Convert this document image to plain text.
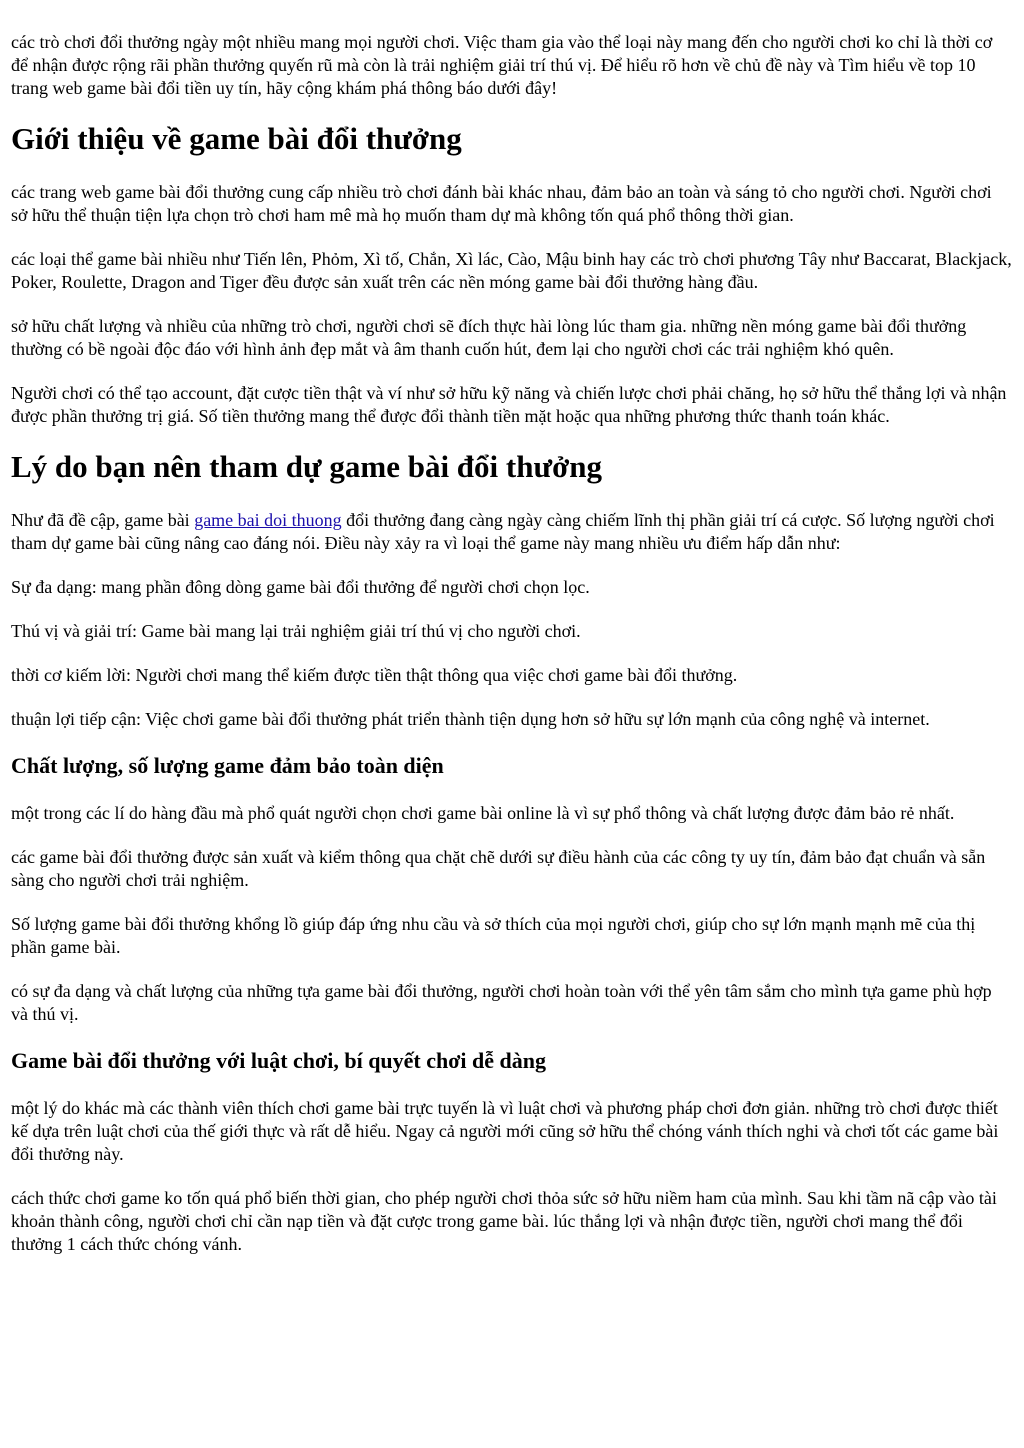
các trò chơi đổi thưởng ngày một nhiều mang mọi người chơi. Việc tham gia vào thể loại này mang đến cho người chơi ko chỉ là thời cơ để nhận được rộng rãi phần thưởng quyến rũ mà còn là trải nghiệm giải trí thú vị. Để hiểu rõ hơn về chủ đề này và Tìm hiểu về top 10 trang web game bài đổi tiền uy tín, hãy cộng khám phá thông báo dưới đây!

Giới thiệu về game bài đổi thưởng

các trang web game bài đổi thưởng cung cấp nhiều trò chơi đánh bài khác nhau, đảm bảo an toàn và sáng tỏ cho người chơi. Người chơi sở hữu thể thuận tiện lựa chọn trò chơi ham mê mà họ muốn tham dự mà không tốn quá phổ thông thời gian.

các loại thể game bài nhiều như Tiến lên, Phỏm, Xì tố, Chắn, Xì lác, Cào, Mậu binh hay các trò chơi phương Tây như Baccarat, Blackjack, Poker, Roulette, Dragon and Tiger đều được sản xuất trên các nền móng game bài đổi thưởng hàng đầu.

sở hữu chất lượng và nhiều của những trò chơi, người chơi sẽ đích thực hài lòng lúc tham gia. những nền móng game bài đổi thưởng thường có bề ngoài độc đáo với hình ảnh đẹp mắt và âm thanh cuốn hút, đem lại cho người chơi các trải nghiệm khó quên.

Người chơi có thể tạo account, đặt cược tiền thật và ví như sở hữu kỹ năng và chiến lược chơi phải chăng, họ sở hữu thể thắng lợi và nhận được phần thưởng trị giá. Số tiền thưởng mang thể được đổi thành tiền mặt hoặc qua những phương thức thanh toán khác.

Lý do bạn nên tham dự game bài đổi thưởng

Như đã đề cập, game bài game bai doi thuong đổi thưởng đang càng ngày càng chiếm lĩnh thị phần giải trí cá cược. Số lượng người chơi tham dự game bài cũng nâng cao đáng nói. Điều này xảy ra vì loại thể game này mang nhiều ưu điểm hấp dẫn như:

Sự đa dạng: mang phần đông dòng game bài đổi thưởng để người chơi chọn lọc.

Thú vị và giải trí: Game bài mang lại trải nghiệm giải trí thú vị cho người chơi.

thời cơ kiếm lời: Người chơi mang thể kiếm được tiền thật thông qua việc chơi game bài đổi thưởng.

thuận lợi tiếp cận: Việc chơi game bài đổi thưởng phát triển thành tiện dụng hơn sở hữu sự lớn mạnh của công nghệ và internet.

Chất lượng, số lượng game đảm bảo toàn diện

một trong các lí do hàng đầu mà phổ quát người chọn chơi game bài online là vì sự phổ thông và chất lượng được đảm bảo rẻ nhất.

các game bài đổi thưởng được sản xuất và kiểm thông qua chặt chẽ dưới sự điều hành của các công ty uy tín, đảm bảo đạt chuẩn và sẵn sàng cho người chơi trải nghiệm.

Số lượng game bài đổi thưởng khổng lồ giúp đáp ứng nhu cầu và sở thích của mọi người chơi, giúp cho sự lớn mạnh mạnh mẽ của thị phần game bài.

có sự đa dạng và chất lượng của những tựa game bài đổi thưởng, người chơi hoàn toàn với thể yên tâm sắm cho mình tựa game phù hợp và thú vị.

Game bài đổi thưởng với luật chơi, bí quyết chơi dễ dàng

một lý do khác mà các thành viên thích chơi game bài trực tuyến là vì luật chơi và phương pháp chơi đơn giản. những trò chơi được thiết kế dựa trên luật chơi của thế giới thực và rất dễ hiểu. Ngay cả người mới cũng sở hữu thể chóng vánh thích nghi và chơi tốt các game bài đổi thưởng này.

cách thức chơi game ko tốn quá phổ biến thời gian, cho phép người chơi thỏa sức sở hữu niềm ham của mình. Sau khi tầm nã cập vào tài khoản thành công, người chơi chỉ cần nạp tiền và đặt cược trong game bài. lúc thắng lợi và nhận được tiền, người chơi mang thể đổi thưởng 1 cách thức chóng vánh.
